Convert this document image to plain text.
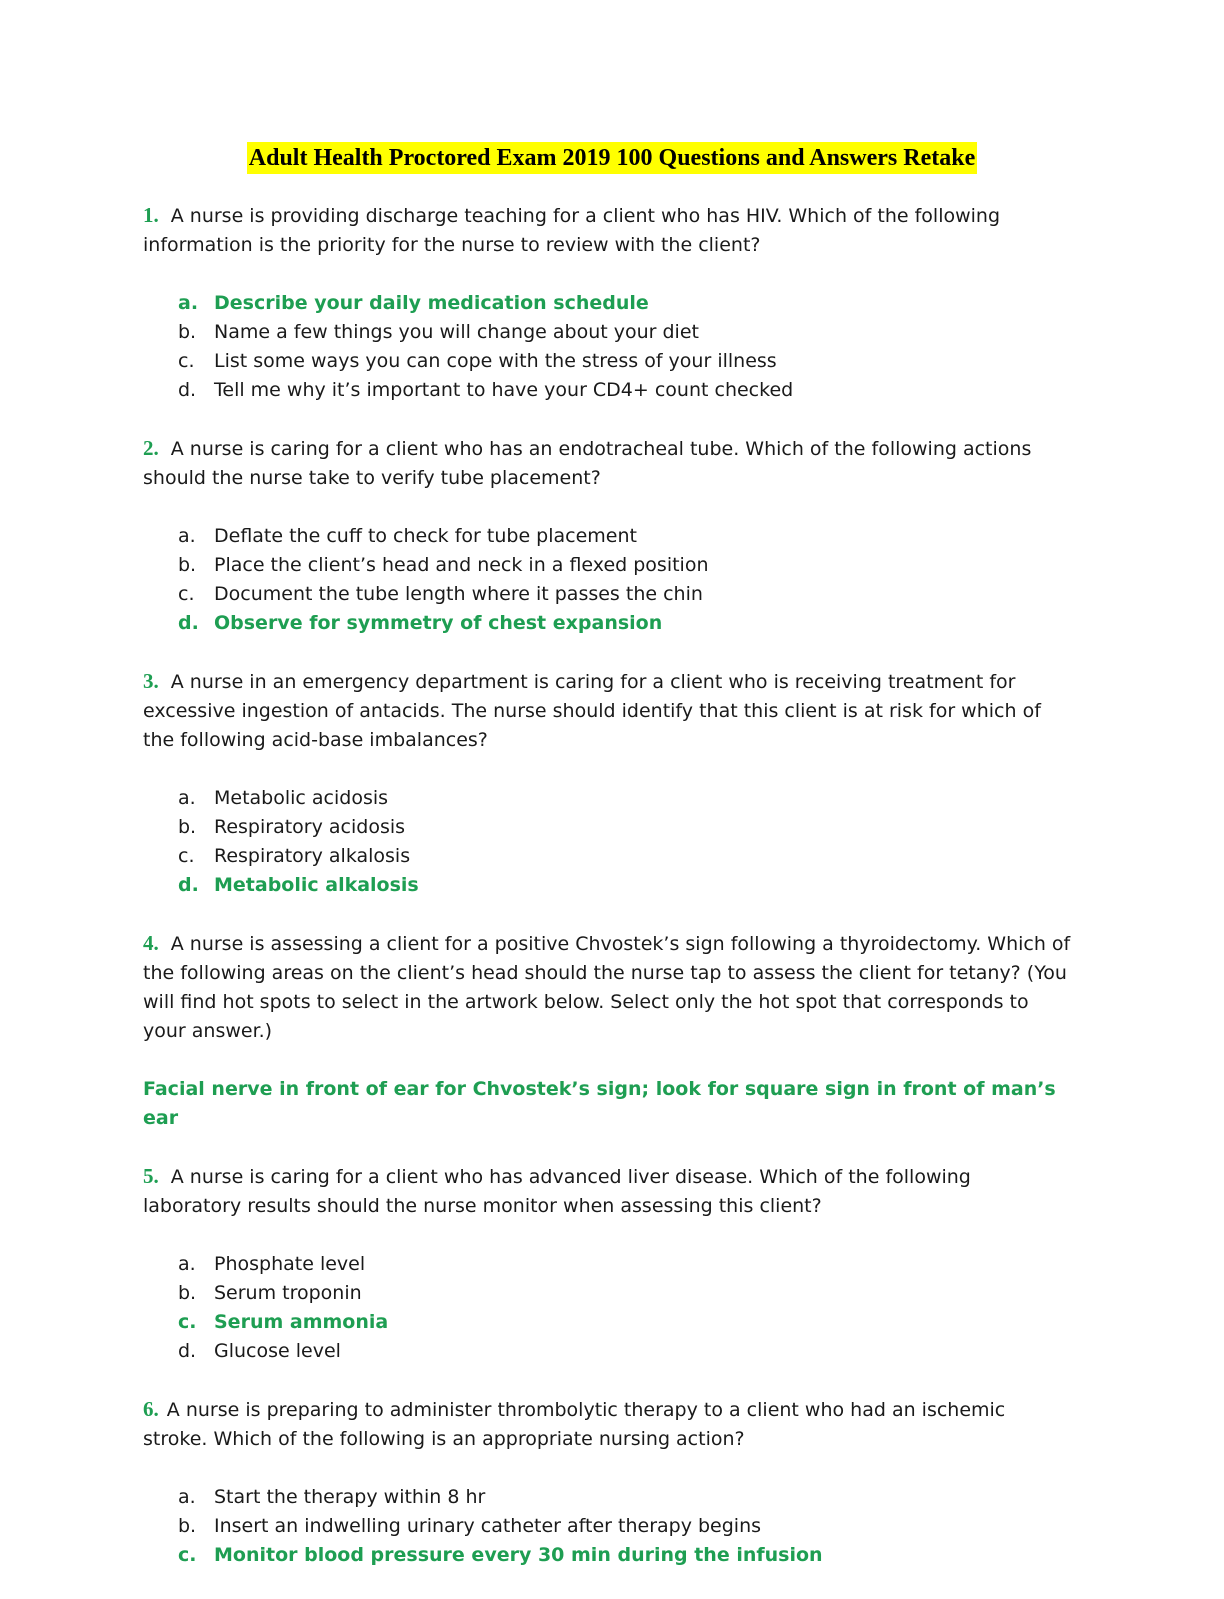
Adult Health Proctored Exam 2019 100 Questions and Answers Retake

1. A nurse is providing discharge teaching for a client who has HIV. Which of the following information is the priority for the nurse to review with the client?

a. Describe your daily medication schedule
b. Name a few things you will change about your diet
c. List some ways you can cope with the stress of your illness
d. Tell me why it’s important to have your CD4+ count checked

2. A nurse is caring for a client who has an endotracheal tube. Which of the following actions should the nurse take to verify tube placement?

a. Deflate the cuff to check for tube placement
b. Place the client’s head and neck in a flexed position
c. Document the tube length where it passes the chin
d. Observe for symmetry of chest expansion

3. A nurse in an emergency department is caring for a client who is receiving treatment for excessive ingestion of antacids. The nurse should identify that this client is at risk for which of the following acid-base imbalances?

a. Metabolic acidosis
b. Respiratory acidosis
c. Respiratory alkalosis
d. Metabolic alkalosis

4. A nurse is assessing a client for a positive Chvostek’s sign following a thyroidectomy. Which of the following areas on the client’s head should the nurse tap to assess the client for tetany? (You will find hot spots to select in the artwork below. Select only the hot spot that corresponds to your answer.)

Facial nerve in front of ear for Chvostek’s sign; look for square sign in front of man’s ear

5. A nurse is caring for a client who has advanced liver disease. Which of the following laboratory results should the nurse monitor when assessing this client?

a. Phosphate level
b. Serum troponin
c. Serum ammonia
d. Glucose level

6. A nurse is preparing to administer thrombolytic therapy to a client who had an ischemic stroke. Which of the following is an appropriate nursing action?

a. Start the therapy within 8 hr
b. Insert an indwelling urinary catheter after therapy begins
c. Monitor blood pressure every 30 min during the infusion
